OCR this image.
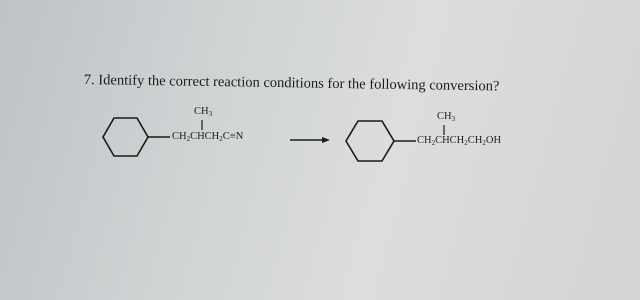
7. Identify the correct reaction conditions for the following conversion?
$CH_3$
$CH_2CHCH_2C\equiv N$
$CH_3$
$CH_2CHCH_2CH_2OH$
